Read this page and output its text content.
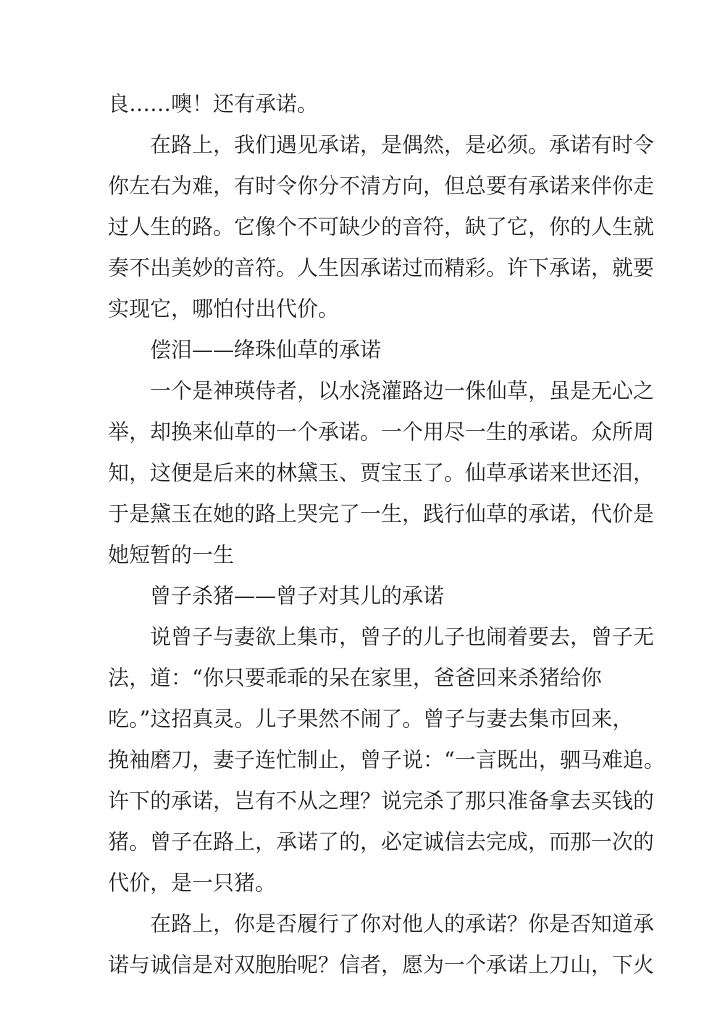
良……噢！还有承诺。
在路上，我们遇见承诺，是偶然，是必须。承诺有时令
你左右为难，有时令你分不清方向，但总要有承诺来伴你走
过人生的路。它像个不可缺少的音符，缺了它，你的人生就
奏不出美妙的音符。人生因承诺过而精彩。许下承诺，就要
实现它，哪怕付出代价。
偿泪——绛珠仙草的承诺
一个是神瑛侍者，以水浇灌路边一侏仙草，虽是无心之
举，却换来仙草的一个承诺。一个用尽一生的承诺。众所周
知，这便是后来的林黛玉、贾宝玉了。仙草承诺来世还泪，
于是黛玉在她的路上哭完了一生，践行仙草的承诺，代价是
她短暂的一生
曾子杀猪——曾子对其儿的承诺
说曾子与妻欲上集市，曾子的儿子也闹着要去，曾子无
法，道：“你只要乖乖的呆在家里，爸爸回来杀猪给你
吃。”这招真灵。儿子果然不闹了。曾子与妻去集市回来，
挽袖磨刀，妻子连忙制止，曾子说：“一言既出，驷马难追。
许下的承诺，岂有不从之理？说完杀了那只准备拿去买钱的
猪。曾子在路上，承诺了的，必定诚信去完成，而那一次的
代价，是一只猪。
在路上，你是否履行了你对他人的承诺？你是否知道承
诺与诚信是对双胞胎呢？信者，愿为一个承诺上刀山，下火
